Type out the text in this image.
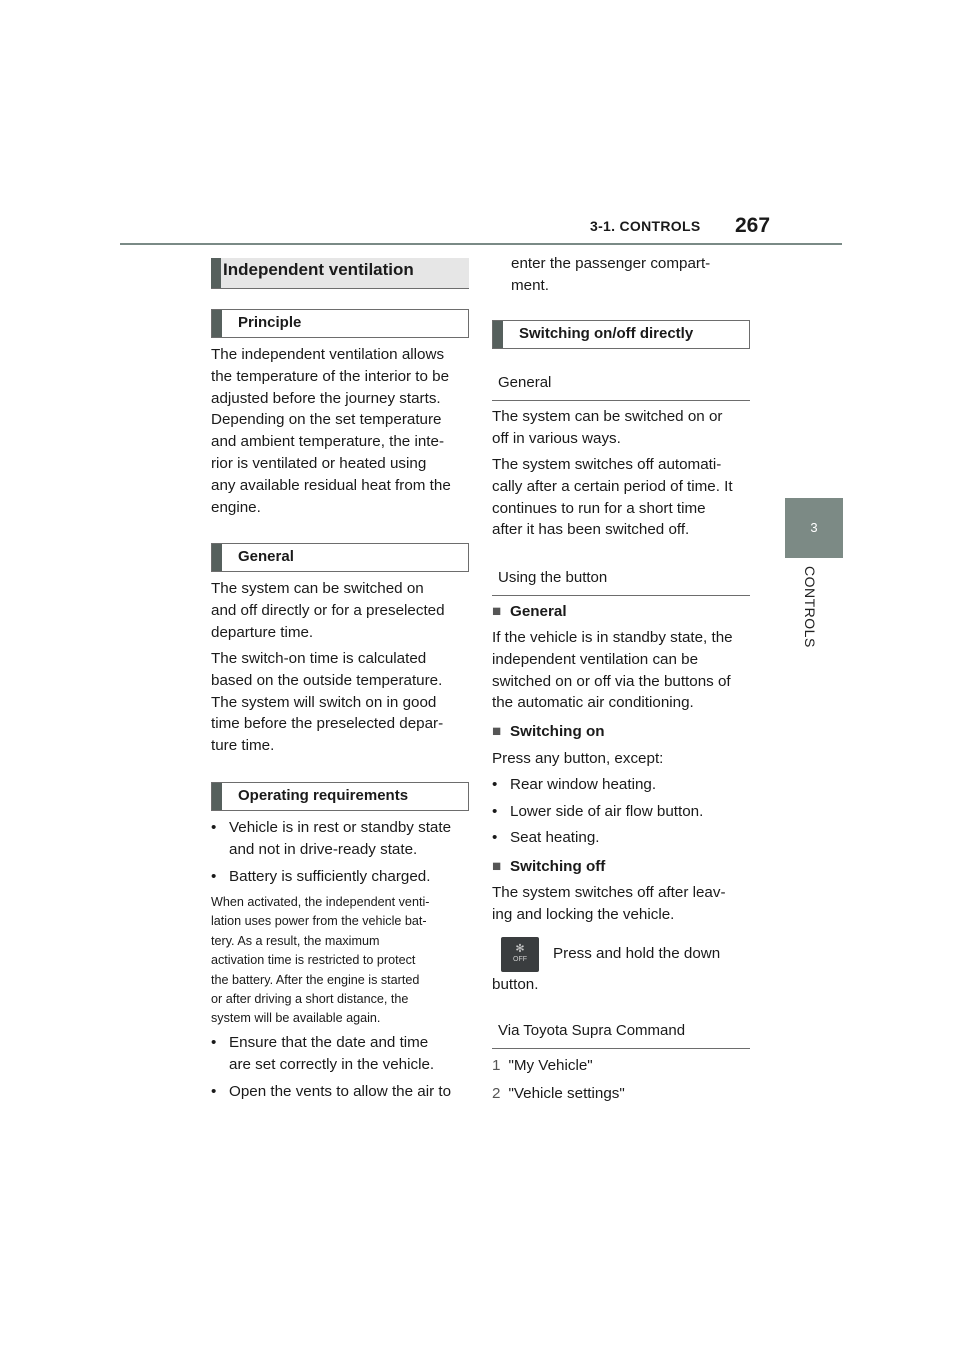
3-1. CONTROLS 267
3
CONTROLS
Independent ventilation
Principle
The independent ventilation allows
the temperature of the interior to be
adjusted before the journey starts.
Depending on the set temperature
and ambient temperature, the inte-
rior is ventilated or heated using
any available residual heat from the
engine.
General
The system can be switched on
and off directly or for a preselected
departure time.
The switch-on time is calculated
based on the outside temperature.
The system will switch on in good
time before the preselected depar-
ture time.
Operating requirements
• Vehicle is in rest or standby state
and not in drive-ready state.
• Battery is sufficiently charged.
When activated, the independent venti-
lation uses power from the vehicle bat-
tery. As a result, the maximum
activation time is restricted to protect
the battery. After the engine is started
or after driving a short distance, the
system will be available again.
• Ensure that the date and time
are set correctly in the vehicle.
• Open the vents to allow the air to
enter the passenger compart-
ment.
Switching on/off directly
General
The system can be switched on or
off in various ways.
The system switches off automati-
cally after a certain period of time. It
continues to run for a short time
after it has been switched off.
Using the button
■ General
If the vehicle is in standby state, the
independent ventilation can be
switched on or off via the buttons of
the automatic air conditioning.
■ Switching on
Press any button, except:
• Rear window heating.
• Lower side of air flow button.
• Seat heating.
■ Switching off
The system switches off after leav-
ing and locking the vehicle.
✻
OFF	Press and hold the down
button.
Via Toyota Supra Command
1 "My Vehicle"
2 "Vehicle settings"
